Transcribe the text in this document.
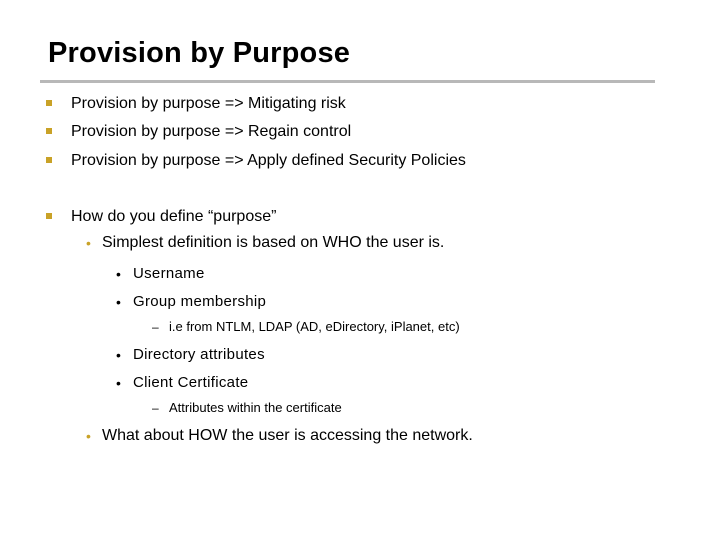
Provision by Purpose
Provision by purpose => Mitigating risk
Provision by purpose => Regain control
Provision by purpose => Apply defined Security Policies
How do you define “purpose”
• Simplest definition is based on WHO the user is.
• Username
• Group membership
– i.e from NTLM, LDAP (AD, eDirectory, iPlanet, etc)
• Directory attributes
• Client Certificate
– Attributes within the certificate
• What about HOW the user is accessing the network.
